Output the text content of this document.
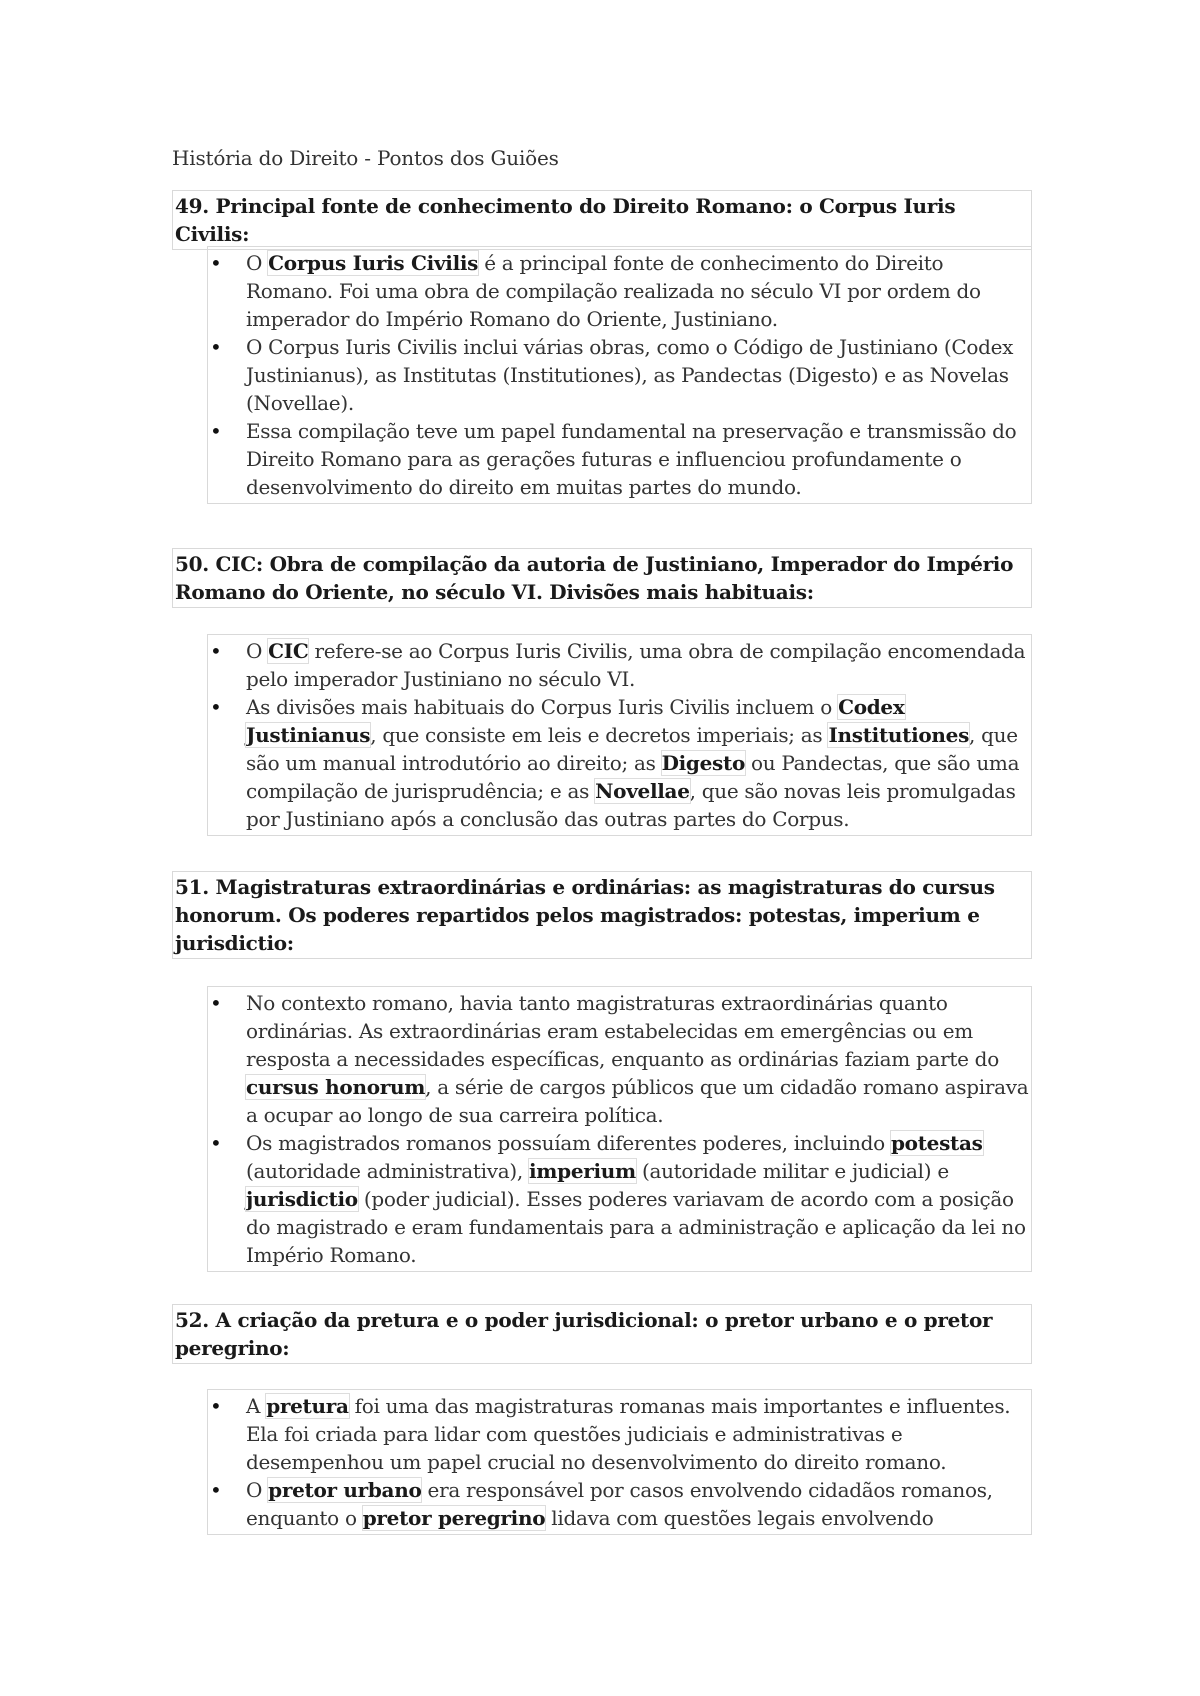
História do Direito - Pontos dos Guiões
49. Principal fonte de conhecimento do Direito Romano: o Corpus Iuris Civilis:
• O Corpus Iuris Civilis é a principal fonte de conhecimento do Direito Romano. Foi uma obra de compilação realizada no século VI por ordem do imperador do Império Romano do Oriente, Justiniano.
• O Corpus Iuris Civilis inclui várias obras, como o Código de Justiniano (Codex Justinianus), as Institutas (Institutiones), as Pandectas (Digesto) e as Novelas (Novellae).
• Essa compilação teve um papel fundamental na preservação e transmissão do Direito Romano para as gerações futuras e influenciou profundamente o desenvolvimento do direito em muitas partes do mundo.
50. CIC: Obra de compilação da autoria de Justiniano, Imperador do Império Romano do Oriente, no século VI. Divisões mais habituais:
• O CIC refere-se ao Corpus Iuris Civilis, uma obra de compilação encomendada pelo imperador Justiniano no século VI.
• As divisões mais habituais do Corpus Iuris Civilis incluem o Codex Justinianus, que consiste em leis e decretos imperiais; as Institutiones, que são um manual introdutório ao direito; as Digesto ou Pandectas, que são uma compilação de jurisprudência; e as Novellae, que são novas leis promulgadas por Justiniano após a conclusão das outras partes do Corpus.
51. Magistraturas extraordinárias e ordinárias: as magistraturas do cursus honorum. Os poderes repartidos pelos magistrados: potestas, imperium e jurisdictio:
• No contexto romano, havia tanto magistraturas extraordinárias quanto ordinárias. As extraordinárias eram estabelecidas em emergências ou em resposta a necessidades específicas, enquanto as ordinárias faziam parte do cursus honorum, a série de cargos públicos que um cidadão romano aspirava a ocupar ao longo de sua carreira política.
• Os magistrados romanos possuíam diferentes poderes, incluindo potestas (autoridade administrativa), imperium (autoridade militar e judicial) e jurisdictio (poder judicial). Esses poderes variavam de acordo com a posição do magistrado e eram fundamentais para a administração e aplicação da lei no Império Romano.
52. A criação da pretura e o poder jurisdicional: o pretor urbano e o pretor peregrino:
• A pretura foi uma das magistraturas romanas mais importantes e influentes. Ela foi criada para lidar com questões judiciais e administrativas e desempenhou um papel crucial no desenvolvimento do direito romano.
• O pretor urbano era responsável por casos envolvendo cidadãos romanos, enquanto o pretor peregrino lidava com questões legais envolvendo
